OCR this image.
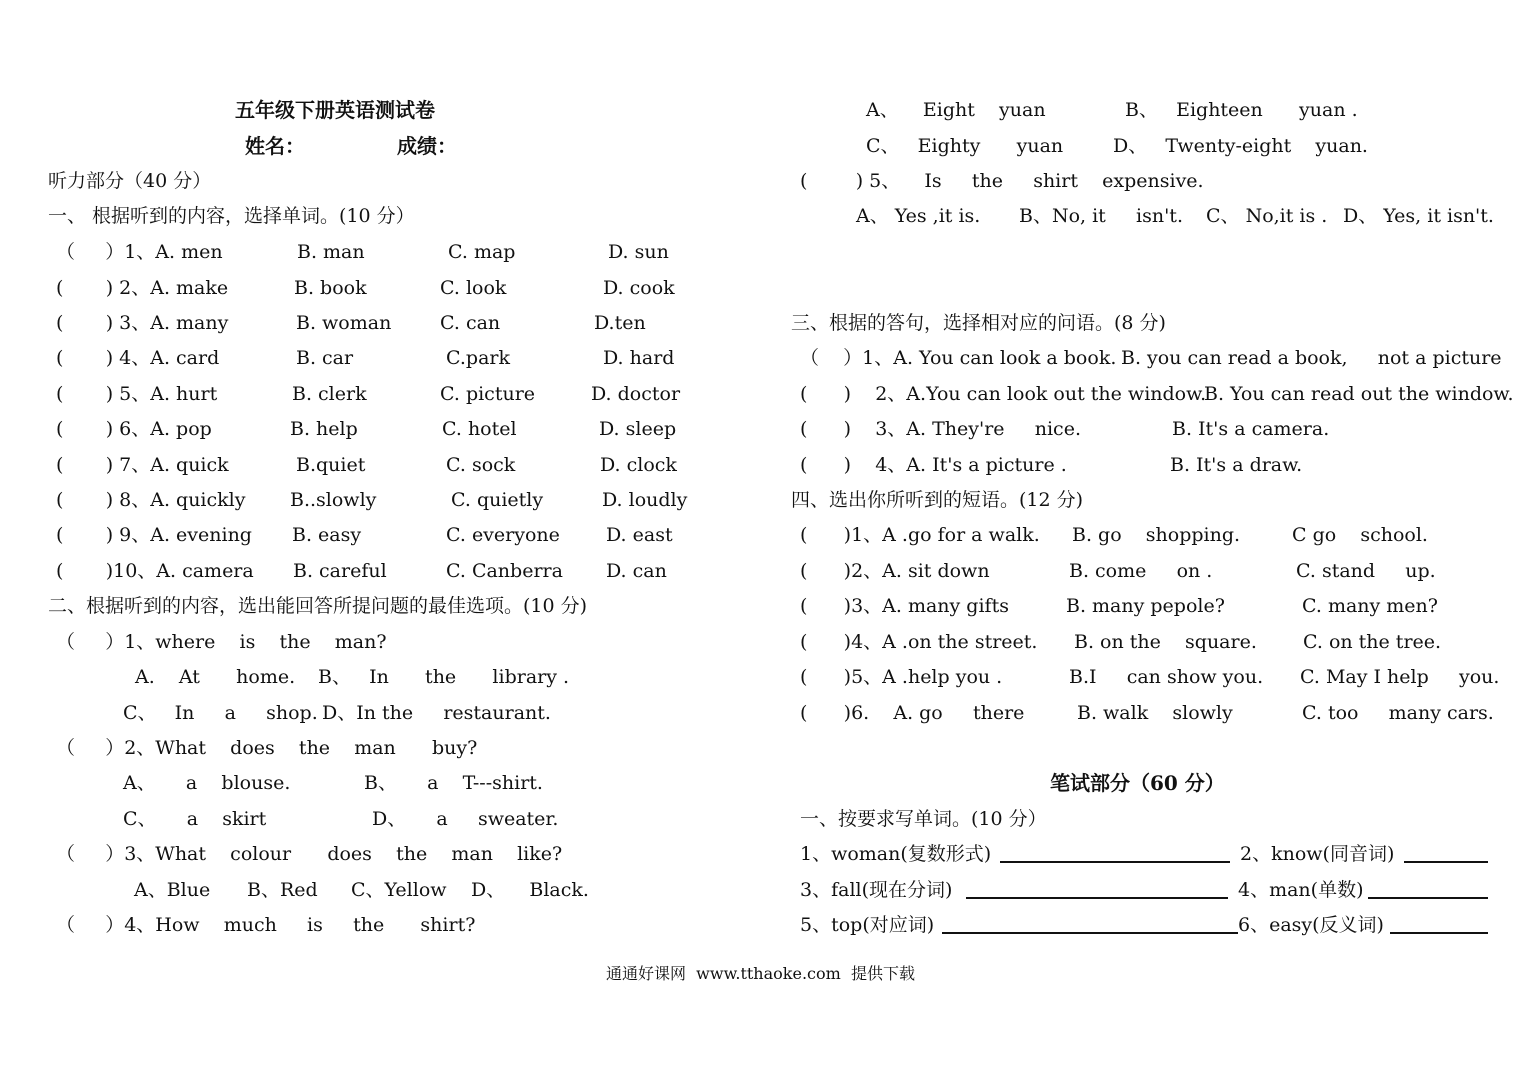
五年级下册英语测试卷
姓名：	成绩：
听力部分（40 分）
一、 根据听到的内容，选择单词。(10 分）
（     ）1、A. men	B. man	C. map	D. sun
(       ) 2、A. make	B. book	C. look	D. cook
(       ) 3、A. many	B. woman	C. can	D.ten
(       ) 4、A. card	B. car	C.park	D. hard
(       ) 5、A. hurt	B. clerk	C. picture	D. doctor
(       ) 6、A. pop	B. help	C. hotel	D. sleep
(       ) 7、A. quick	B.quiet	C. sock	D. clock
(       ) 8、A. quickly B..slowly	C. quietly	D. loudly
(       ) 9、A. evening B. easy	C. everyone D. east
(       )10、A. camera B. careful	C. Canberra D. can
二、根据听到的内容，选出能回答所提问题的最佳选项。(10 分)
（     ）1、where    is    the    man?
A.    At      home. B、   In      the      library .
C、   In     a     shop. D、In the     restaurant.
（     ）2、What    does    the    man      buy?
A、     a    blouse.	B、     a    T---shirt.
C、     a    skirt	D、     a     sweater.
（     ）3、What    colour      does    the    man    like?
A、Blue B、Red C、Yellow D、    Black.
（     ）4、How    much     is     the      shirt?
A、    Eight    yuan	B、   Eighteen      yuan .
C、   Eighty      yuan	D、   Twenty-eight    yuan.
(        ) 5、    Is     the     shirt    expensive.
A、 Yes ,it is. B、No, it     isn't. C、 No,it is . D、 Yes, it isn't.
三、根据的答句，选择相对应的问语。(8 分)
（    ）1、A. You can look a book. B. you can read a book,     not a picture
(      )    2、A.You can look out the window.
B. You can read out the window.
(      )    3、A. They're     nice.	B. It's a camera.
(      )    4、A. It's a picture .	B. It's a draw.
四、选出你所听到的短语。(12 分)
(      )1、A .go for a walk. B. go    shopping.	C go    school.
(      )2、A. sit down	B. come     on .	C. stand     up.
(      )3、A. many gifts	B. many pepole?	C. many men?
(      )4、A .on the street. B. on the    square. C. on the tree.
(      )5、A .help you .	B.I     can show you. C. May I help     you.
(      )6.    A. go     there	B. walk    slowly	C. too     many cars.
笔试部分（60 分）
一、按要求写单词。(10 分）
1、woman(复数形式)	2、know(同音词)
3、fall(现在分词)	4、man(单数)
5、top(对应词)	6、easy(反义词)
通通好课网  www.tthaoke.com  提供下载
